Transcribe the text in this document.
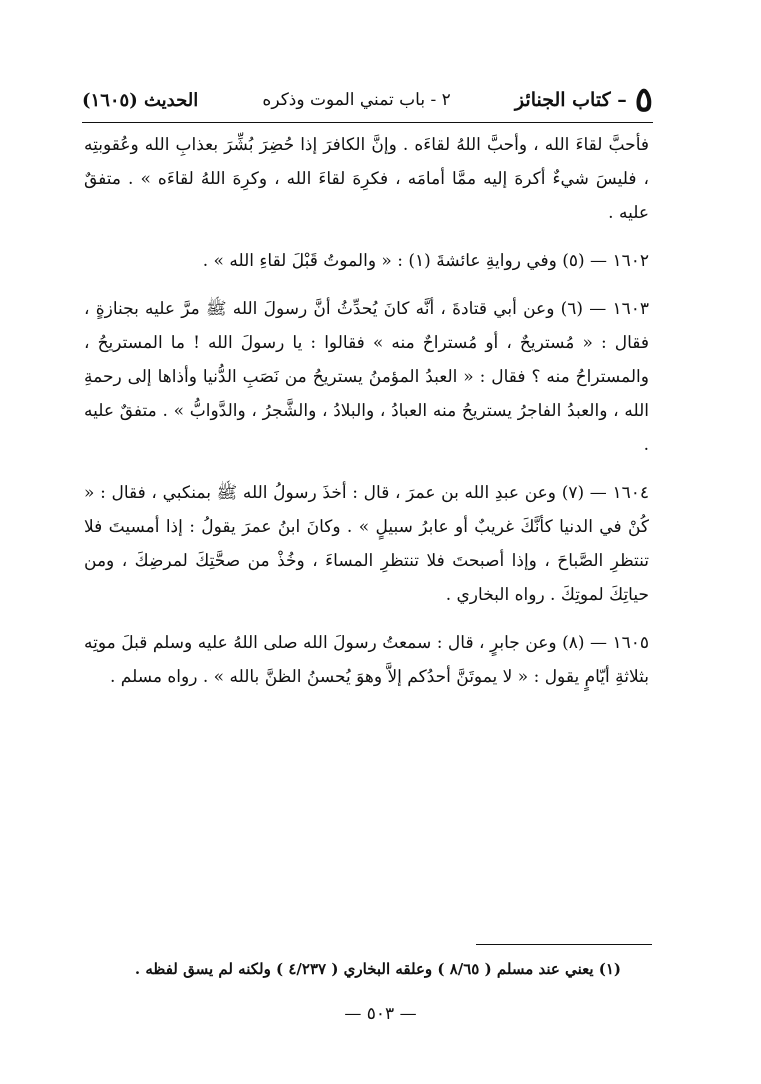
٥
– كتاب الجنائز
٢ - باب تمني الموت وذكره
الحديث (١٦٠٥)

فأحبَّ لقاءَ الله ، وأحبَّ اللهُ لقاءَه . وإنَّ الكافرَ إذا حُضِرَ بُشِّرَ بعذابِ الله وعُقوبتِه ، فليسَ شيءٌ أكرهَ إليه ممَّا أمامَه ، فكرِهَ لقاءَ الله ، وكرِهَ اللهُ لقاءَه » . متفقٌ عليه .

١٦٠٢ — (٥) وفي روايةِ عائشةَ (١) : « والموتُ قَبْلَ لقاءِ الله » .

١٦٠٣ — (٦) وعن أبي قتادةَ ، أنَّه كانَ يُحدِّثُ أنَّ رسولَ الله ﷺ مرَّ عليه بجنازةٍ ، فقال : « مُستريحٌ ، أو مُستراحٌ منه » فقالوا : يا رسولَ الله ! ما المستريحُ ، والمستراحُ منه ؟ فقال : « العبدُ المؤمنُ يستريحُ من نَصَبِ الدُّنيا وأذاها إلى رحمةِ الله ، والعبدُ الفاجرُ يستريحُ منه العبادُ ، والبلادُ ، والشَّجرُ ، والدَّوابُّ » . متفقٌ عليه .

١٦٠٤ — (٧) وعن عبدِ الله بن عمرَ ، قال : أخذَ رسولُ الله ﷺ بمنكبي ، فقال : « كُنْ في الدنيا كأنَّكَ غريبٌ أو عابرُ سبيلٍ » . وكانَ ابنُ عمرَ يقولُ : إذا أمسيتَ فلا تنتظرِ الصَّباحَ ، وإذا أصبحتَ فلا تنتظرِ المساءَ ، وخُذْ من صحَّتِكَ لمرضِكَ ، ومن حياتِكَ لموتِكَ . رواه البخاري .

١٦٠٥ — (٨) وعن جابرٍ ، قال : سمعتُ رسولَ الله صلى اللهُ عليه وسلم قبلَ موتِه بثلاثةِ أيّامٍ يقول : « لا يموتَنَّ أحدُكم إلاَّ وهوَ يُحسنُ الظنَّ بالله » . رواه مسلم .

(١) يعني عند مسلم ( ٨/٦٥ ) وعلقه البخاري ( ٤/٢٣٧ ) ولكنه لم يسق لفظه .
— ٥٠٣ —
